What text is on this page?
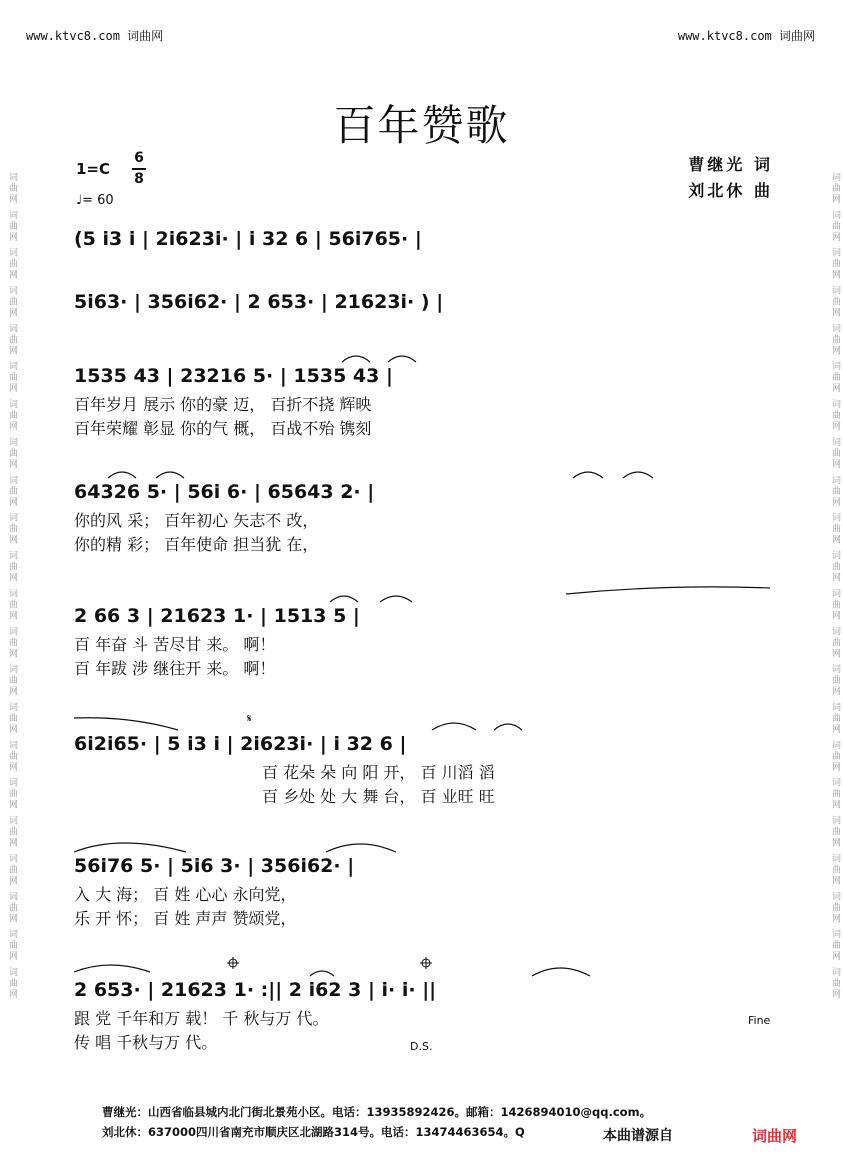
词曲网 词曲网 词曲网 词曲网 词曲网 词曲网 词曲网 词曲网 词曲网 词曲网 词曲网 词曲网 词曲网 词曲网 词曲网 词曲网 词曲网 词曲网 词曲网 词曲网 词曲网 词曲网	词曲网 词曲网 词曲网 词曲网 词曲网 词曲网 词曲网 词曲网 词曲网 词曲网 词曲网 词曲网 词曲网 词曲网 词曲网 词曲网 词曲网 词曲网 词曲网 词曲网 词曲网 词曲网
www.ktvc8.com 词曲网	www.ktvc8.com 词曲网
百年赞歌
1=C
6
8
♩= 60
曹继光 词
刘北休 曲
(5 i3 i | 2i623i· | i 32 6 | 56i765· |
5i63· | 356i62· | 2 653· | 21623i· ) |
1535 43 | 23216 5· | 1535 43 |
百年岁月 展示 你的豪 迈， 百折不挠 辉映
百年荣耀 彰显 你的气 概， 百战不殆 镌刻
64326 5· | 56i 6· | 65643 2· |
你的风 采； 百年初心 矢志不 改，
你的精 彩； 百年使命 担当犹 在，
2 66 3 | 21623 1· | 1513 5 |
百 年奋 斗 苦尽甘 来。 啊！
百 年跋 涉 继往开 来。 啊！
𝄋
6i2i65· | 5 i3 i | 2i623i· | i 32 6 |
百 花朵 朵 向 阳 开， 百 川滔 滔
百 乡处 处 大 舞 台， 百 业旺 旺
56i76 5· | 5i6 3· | 356i62· |
入 大 海； 百 姓 心心 永向党，
乐 开 怀； 百 姓 声声 赞颂党，
2 653· | 21623 1· :|| 2 i62 3 | i· i· ||
跟 党 千年和万 载！ 千 秋与万 代。
传 唱 千秋与万 代。
Fine
D.S.
曹继光：山西省临县城内北门街北景苑小区。电话：13935892426。邮箱：1426894010@qq.com。
刘北休：637000四川省南充市顺庆区北湖路314号。电话：13474463654。Q	本曲谱源自	词曲网
